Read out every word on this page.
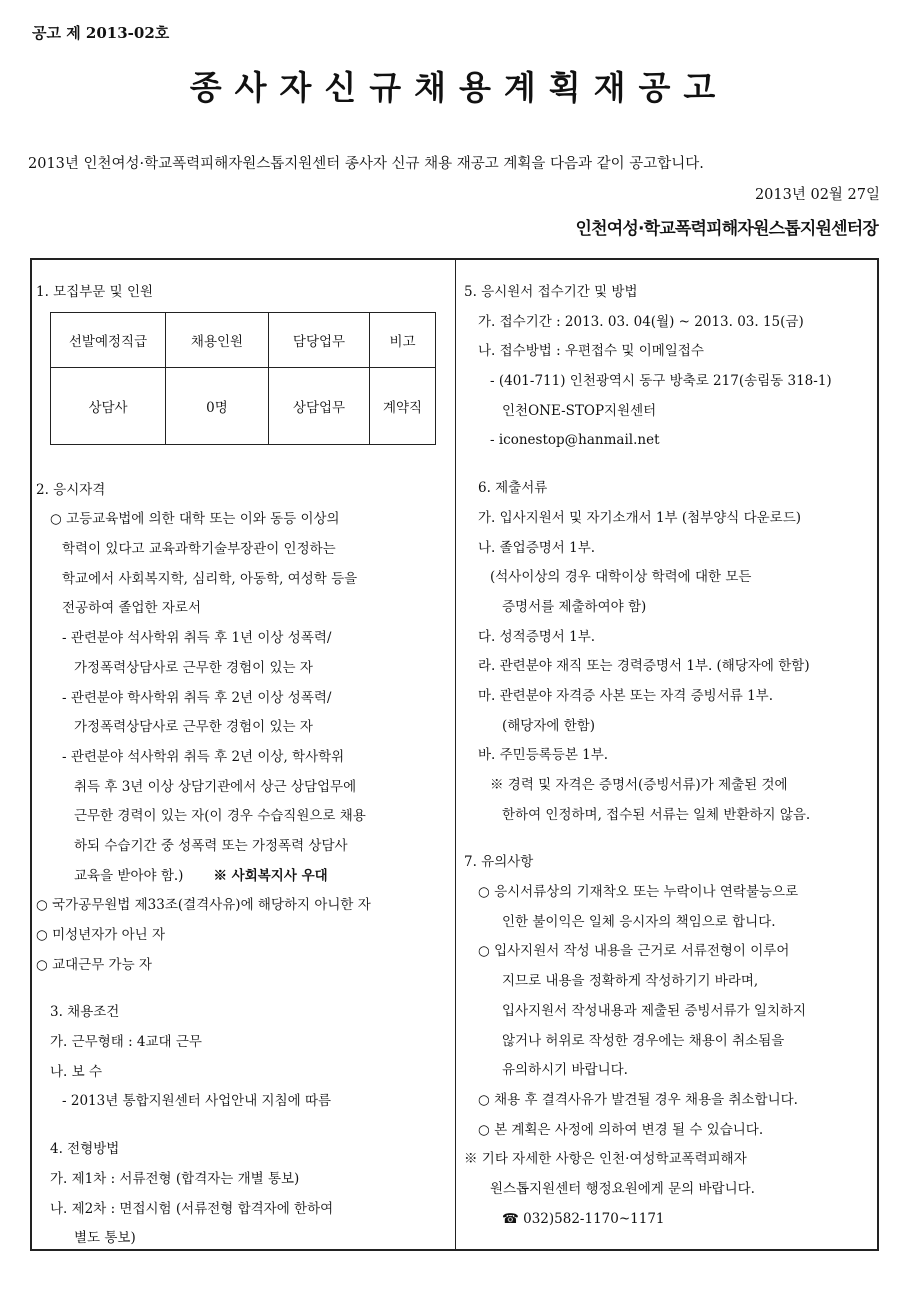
공고 제 2013-02호
종사자신규채용계획재공고
2013년 인천여성·학교폭력피해자원스톱지원센터 종사자 신규 채용 재공고 계획을 다음과 같이 공고합니다.
2013년 02월 27일
인천여성·학교폭력피해자원스톱지원센터장
선발예정직급	채용인원	담당업무	비고
상담사	0명	상담업무	계약직
1. 모집부문 및 인원
2. 응시자격
○ 고등교육법에 의한 대학 또는 이와 동등 이상의
학력이 있다고 교육과학기술부장관이 인정하는
학교에서 사회복지학, 심리학, 아동학, 여성학 등을
전공하여 졸업한 자로서
- 관련분야 석사학위 취득 후 1년 이상 성폭력/
가정폭력상담사로 근무한 경험이 있는 자
- 관련분야 학사학위 취득 후 2년 이상 성폭력/
가정폭력상담사로 근무한 경험이 있는 자
- 관련분야 석사학위 취득 후 2년 이상, 학사학위
취득 후 3년 이상 상담기관에서 상근 상담업무에
근무한 경력이 있는 자(이 경우 수습직원으로 채용
하되 수습기간 중 성폭력 또는 가정폭력 상담사
교육을 받아야 함.) ※ 사회복지사 우대
○ 국가공무원법 제33조(결격사유)에 해당하지 아니한 자
○ 미성년자가 아닌 자
○ 교대근무 가능 자
3. 채용조건
가. 근무형태 : 4교대 근무
나. 보 수
- 2013년 통합지원센터 사업안내 지침에 따름
4. 전형방법
가. 제1차 : 서류전형 (합격자는 개별 통보)
나. 제2차 : 면접시험 (서류전형 합격자에 한하여
별도 통보)
5. 응시원서 접수기간 및 방법
가. 접수기간 : 2013. 03. 04(월) ~ 2013. 03. 15(금)
나. 접수방법 : 우편접수 및 이메일접수
- (401-711) 인천광역시 동구 방축로 217(송림동 318-1)
인천ONE-STOP지원센터
- iconestop@hanmail.net
6. 제출서류
가. 입사지원서 및 자기소개서 1부 (첨부양식 다운로드)
나. 졸업증명서 1부.
(석사이상의 경우 대학이상 학력에 대한 모든
증명서를 제출하여야 함)
다. 성적증명서 1부.
라. 관련분야 재직 또는 경력증명서 1부. (해당자에 한함)
마. 관련분야 자격증 사본 또는 자격 증빙서류 1부.
(해당자에 한함)
바. 주민등록등본 1부.
※ 경력 및 자격은 증명서(증빙서류)가 제출된 것에
한하여 인정하며, 접수된 서류는 일체 반환하지 않음.
7. 유의사항
○ 응시서류상의 기재착오 또는 누락이나 연락불능으로
인한 불이익은 일체 응시자의 책임으로 합니다.
○ 입사지원서 작성 내용을 근거로 서류전형이 이루어
지므로 내용을 정확하게 작성하기기 바라며,
입사지원서 작성내용과 제출된 증빙서류가 일치하지
않거나 허위로 작성한 경우에는 채용이 취소됨을
유의하시기 바랍니다.
○ 채용 후 결격사유가 발견될 경우 채용을 취소합니다.
○ 본 계획은 사정에 의하여 변경 될 수 있습니다.
※ 기타 자세한 사항은 인천·여성학교폭력피해자
원스톱지원센터 행정요원에게 문의 바랍니다.
☎ 032)582-1170~1171
